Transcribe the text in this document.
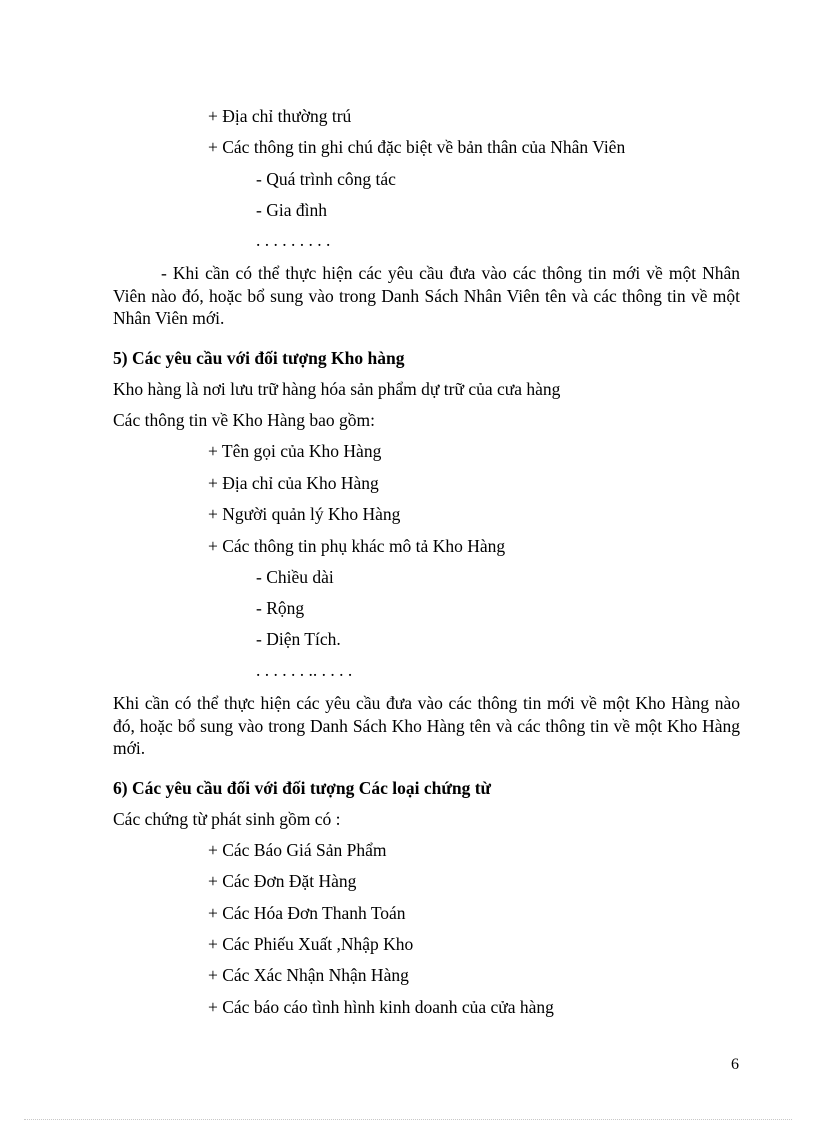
+ Địa chỉ thường trú
+ Các thông tin ghi chú đặc biệt về bản thân của Nhân Viên
- Quá trình công tác
- Gia đình
. . . . . . . . .
- Khi cần có thể thực hiện các yêu cầu đưa vào các thông tin mới về một Nhân Viên nào đó, hoặc bổ sung vào trong Danh Sách Nhân Viên tên và các thông tin về một Nhân Viên mới.
5) Các yêu cầu với đối tượng Kho hàng
Kho hàng là nơi lưu trữ hàng hóa sản phẩm dự trữ của cưa hàng
Các thông tin về Kho Hàng bao gồm:
+ Tên gọi của Kho Hàng
+ Địa chỉ của Kho Hàng
+ Người quản lý Kho Hàng
+ Các thông tin phụ khác mô tả Kho Hàng
- Chiều dài
- Rộng
- Diện Tích.
. . . . . . .. . . . .
Khi cần có thể thực hiện các yêu cầu đưa vào các thông tin mới về một Kho Hàng nào đó, hoặc bổ sung vào trong Danh Sách Kho Hàng tên và các thông tin về một Kho Hàng mới.
6) Các yêu cầu đối với đối tượng Các loại chứng từ
Các chứng từ phát sinh gồm có :
+ Các Báo Giá Sản Phẩm
+ Các Đơn Đặt Hàng
+ Các Hóa Đơn Thanh Toán
+ Các Phiếu Xuất ,Nhập Kho
+ Các Xác Nhận Nhận Hàng
+ Các báo cáo tình hình kinh doanh của cửa hàng
6
